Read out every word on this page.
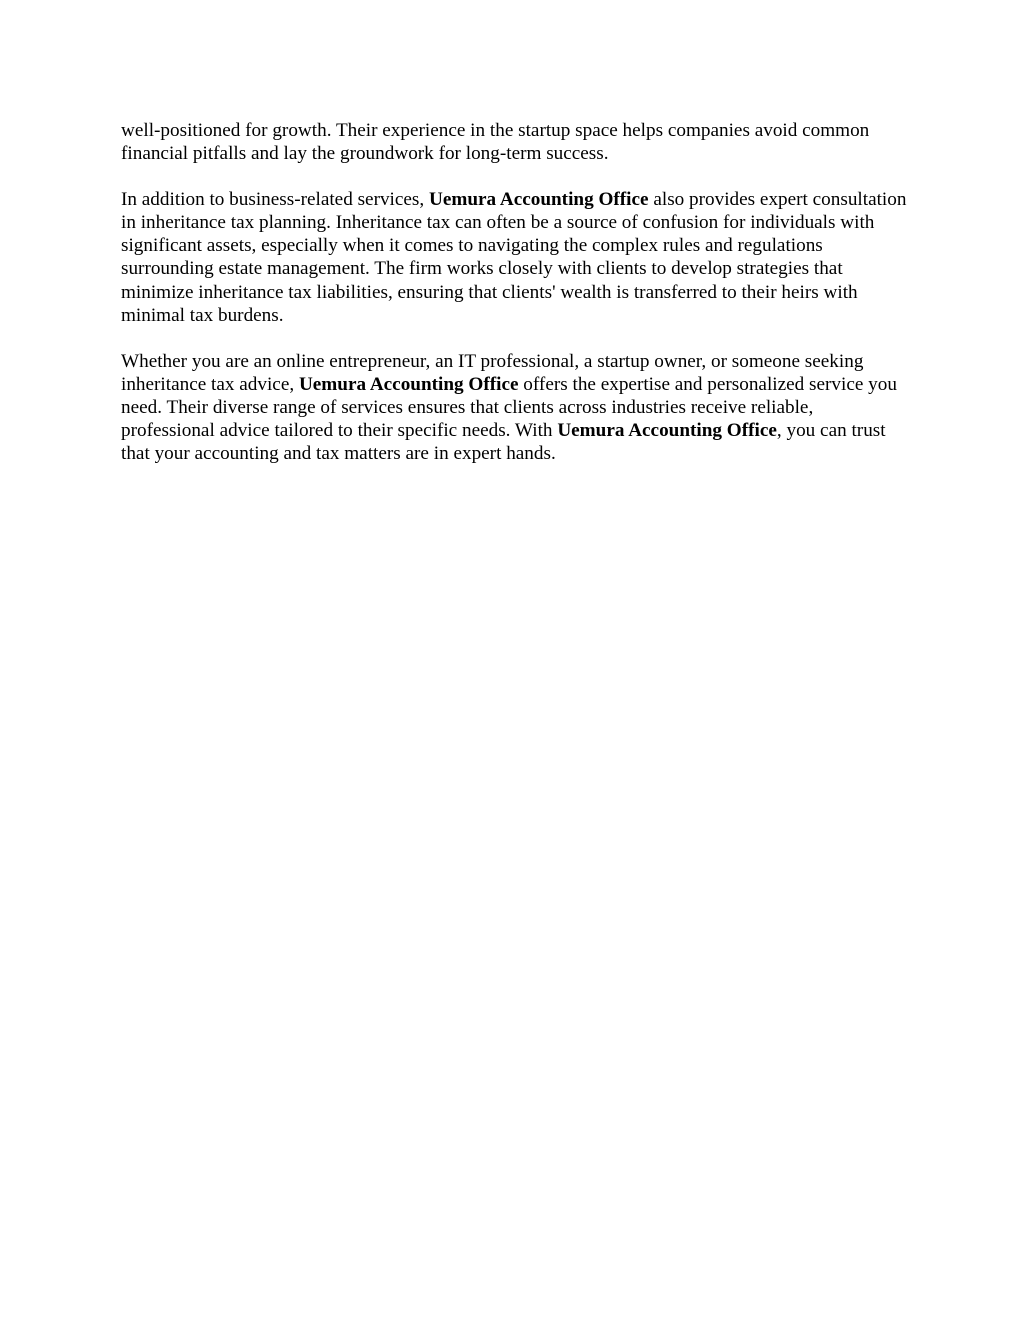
well-positioned for growth. Their experience in the startup space helps companies avoid common financial pitfalls and lay the groundwork for long-term success.

In addition to business-related services, Uemura Accounting Office also provides expert consultation in inheritance tax planning. Inheritance tax can often be a source of confusion for individuals with significant assets, especially when it comes to navigating the complex rules and regulations surrounding estate management. The firm works closely with clients to develop strategies that minimize inheritance tax liabilities, ensuring that clients' wealth is transferred to their heirs with minimal tax burdens.

Whether you are an online entrepreneur, an IT professional, a startup owner, or someone seeking inheritance tax advice, Uemura Accounting Office offers the expertise and personalized service you need. Their diverse range of services ensures that clients across industries receive reliable, professional advice tailored to their specific needs. With Uemura Accounting Office, you can trust that your accounting and tax matters are in expert hands.
